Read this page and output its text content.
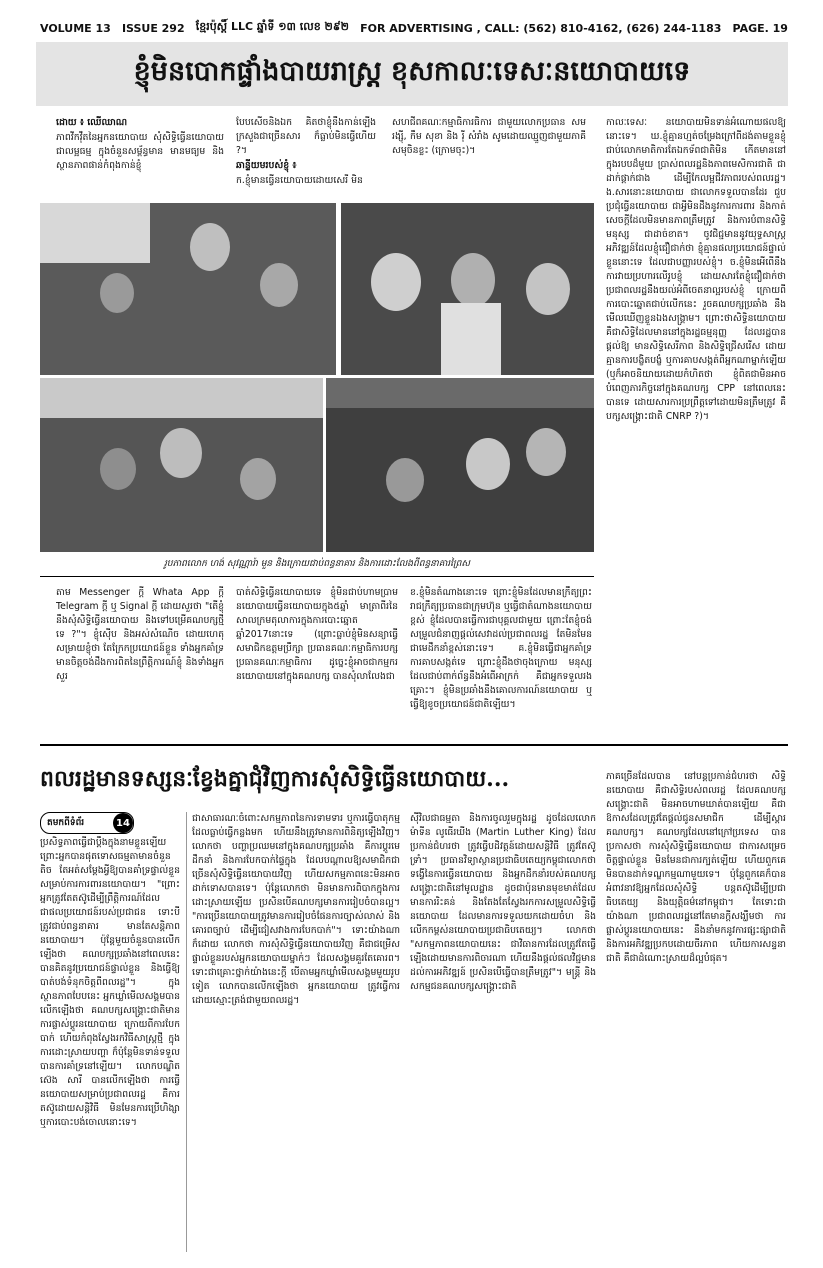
VOLUME 13 ISSUE 292 ខ្មែរប៉ុស្តិ៍ LLC ឆ្នាំទី ១៣ លេខ ២៩២ FOR ADVERTISING , CALL: (562) 810-4162, (626) 244-1183 PAGE. 19
ខ្ញុំមិនបោកផ្ទាំងបាយរាស្ត្រ ខុសកាលៈទេសៈនយោបាយទេ

ដោយ ៖ ឈើឈាណ

ភាពវីកវ៉ឹតនៃអ្នកនយោបាយ សុំសិទ្ធិធ្វើនយោបាយជាលម្អធម្ម ក្នុងចំនួនសម្ព័ន្ធមាន មានមធ្យម និងស្ថានភាពផាន់កំពុងកាន់ខ្ញុំ

បែបសើចនិងឯក គិតថាខ្ញុំនឹងកាន់ឡើងក្រសួងជាច្រើនសារ ក៏ធ្លាប់មិនធ្វើហើយ ?។

ឆាន្ទីយមរបស់ខ្ញុំ ៖

ក.ខ្ញុំមានធ្វើនយោបាយដោយសេរី មិន

សហជីពគណៈកម្មាធិការធិការ ជាមួយលោកប្រធាន សម រង្ស៊ី, កឹម សុខា និង រ៉ី សំរាំង សូមដោយឈ្មួញជាមួយភាគីសមុចិនខ្លះ (ក្រោមចុះ)។

រូបភាពលោក ហង់ សុវណ្ណារ៉ា មួន និងក្រោយជាប់ពន្ធនាគារ និងការដោះលែងពីពន្ធនាគារព្រៃស

កាលៈទេសៈ នយោបាយមិនទាន់អំណោយផលឱ្យនោះទេ។ ឃ.ខ្ញុំគ្មានហ្មត់ចម្រែងក្រៅពីដង់តាមខ្លួនខ្ញុំជាប់លោកមាតិការតែឯកទ័ពជាតិមិន កើតមាននៅក្នុងរបបដ៏មួយ ប្រាស់ពលរដ្ឋនិងភាពមេសិការជាតិ ជាដាក់ផ្តាក់ជាង ដើម្បីកែលម្អជីវភាពរបស់ពលរដ្ឋ។ ង.សារនោះនយោបាយ ជាលោកទទួលបានដែរ ជួបប្រជុំធ្វើនយោបាយ ជាអ្វីមិនដឹងនូវការការពារ និងកាត់សេចក្តីដែលមិនមានភាពត្រឹមត្រូវ និងការបំពានសិទ្ធិមនុស្ស ជាដាច់ខាត។ ចូវជិជ្ជមាននូវយុទ្ធសាស្ត្រអភិវឌ្ឍន៍ដែលខ្ញុំជឿជាក់ថា ខ្ញុំគ្មានផលប្រយោជន៍ផ្ទាល់ខ្លួននោះទេ ដែលជាបញ្ញារបស់ខ្ញុំ។ ច.ខ្ញុំមិនអើពើនឹងការវាយប្រហារលើរូបខ្ញុំ ដោយសារតែខ្ញុំជឿជាក់ថា ប្រជាពលរដ្ឋនឹងយល់អំពីចេតនាល្អរបស់ខ្ញុំ ក្រោយពីការបោះឆ្នោតជាប់លើកនេះ រួចគណបក្សប្រឆាំង នឹងមើលឃើញខ្លួនឯងសង្គ្រាម។ ព្រោះថាសិទ្ធិនយោបាយ គឺជាសិទ្ធិដែលមាននៅក្នុងរដ្ឋធម្មនុញ្ញ ដែលរដ្ឋបានផ្តល់ឱ្យ មានសិទ្ធិសេរីភាព និងសិទ្ធិជ្រើសរើស ដោយគ្មានការបង្ខិតបង្ខំ ឬការគាបសង្កត់ពីអ្នកណាម្នាក់ឡើយ (ឬក៏អាចនិយាយដោយកំហិតថា ខ្ញុំពិតជាមិនអាចបំពេញភារកិច្ចនៅក្នុងគណបក្ស CPP នៅពេលនេះបានទេ ដោយសារការប្រព្រឹត្តទៅដោយមិនត្រឹមត្រូវ គឺបក្សសង្គ្រោះជាតិ CNRP ?)។

តាម Messenger ក្តី Whata App ក្តី Telegram ក្តី ឬ Signal ក្តី ដោយសួរថា "តើខ្ញុំនឹងសុំសិទ្ធិធ្វើនយោបាយ និងទៅបម្រើគណបក្សថ្មីទេ ?"។ ខ្ញុំស៊ើប និងអស់សំណើច ដោយហេតុសម្រាយខ្ញុំថា តែក្រែកប្រយោជន៍ខ្លួន ទាំងអ្នកគាំទ្រមានចិត្តចង់ដឹងការពិតនៃព្រឹត្តិការណ៍ខ្ញុំ និងទាំងអ្នកសួរ

បាត់សិទ្ធិធ្វើនយោបាយទេ ខ្ញុំមិនជាប់ហាមប្រាមនយោបាយធ្វើនយោបាយក្នុង៥ឆ្នាំ មាត្រាពីរនៃសាលក្រមតុលាការក្នុងការបោះឆ្នោតឆ្នាំ2017នោះទេ (ព្រោះធ្លាប់ខ្ញុំមិនសន្យាធ្វើសមាជិកឧត្តមប្រឹក្សា ប្រធានគណៈកម្មាធិការបក្សប្រធានគណៈកម្មាធិការ ដូច្នេះខ្ញុំអាចជាកម្មករនយោបាយនៅក្នុងគណបក្ស បានសុំលាលែងជា

ខ.ខ្ញុំមិនតំណាងនោះទេ ព្រោះខ្ញុំមិនដែលមានក្រឹត្យព្រះរាជក្រឹត្យប្រធានជាក្រុមហ៊ុន ឬធ្វើជាតំណាងនយោបាយខ្ពស់ ខ្ញុំដែលបានធ្វើការជាបុគ្គលជាមួយ ព្រោះតែខ្ញុំចង់សម្រួលជំនាញផ្តល់សេវាដល់ប្រជាពលរដ្ឋ តែមិនមែនជាមេដឹកនាំខ្ពស់នោះទេ។ គ.ខ្ញុំមិនធ្វើជាអ្នកគាំទ្រការគាបសង្កត់ទេ ព្រោះខ្ញុំដឹងថាចុងក្រោយ មនុស្សដែលជាប់ពាក់ព័ន្ធនឹងអំពើអាក្រក់ គឺជាអ្នកទទួលរងគ្រោះ។ ខ្ញុំមិនប្រឆាំងនឹងគោលការណ៍នយោបាយ ឬធ្វើឱ្យខូចប្រយោជន៍ជាតិឡើយ។

ពលរដ្ឋមានទស្សនៈខ្វែងគ្នាជុំវិញការសុំសិទ្ធិធ្វើនយោបាយ...
តមកពីទំព័រ	14

ប្រសិទ្ធភាពធ្វើជាប្តឹងក្នុងនាមខ្លួនឡើយ ព្រោះអ្នកបានផុតទោសធម្មតាមានចំនួនតិច តែអត់សម្តែងអ្វីឱ្យបានគាំទ្រផ្ទាល់ខ្លួនសម្រាប់ការការពារនយោបាយ។ "ព្រោះអ្នកត្រូវតែតស៊ូដើម្បីព្រឹត្តិការណ៍ដែលជាផលប្រយោជន៍របស់ប្រជាជន ទោះបីត្រូវជាប់ពន្ធនាគារ មានតែសន្តិភាពនយោបាយ។ ប៉ុន្តែមួយចំនួនបានលើកឡើងថា គណបក្សប្រឆាំងនៅពេលនេះ បានគិតនូវប្រយោជន៍ផ្ទាល់ខ្លួន និងធ្វើឱ្យបាត់បង់ទំនុកចិត្តពីពលរដ្ឋ"។ ក្នុងស្ថានភាពបែបនេះ អ្នកឃ្លាំមើលសង្គមបានលើកឡើងថា គណបក្សសង្គ្រោះជាតិមានការផ្លាស់ប្តូរនយោបាយ ក្រោយពីការបែកបាក់ ហើយកំពុងស្វែងរកវិធីសាស្ត្រថ្មី ក្នុងការដោះស្រាយបញ្ហា ក៏ប៉ុន្តែមិនទាន់ទទួលបានការគាំទ្រនៅឡើយ។ លោកបណ្ឌិត ស៊េង សារី បានលើកឡើងថា ការធ្វើនយោបាយសម្រាប់ប្រជាពលរដ្ឋ គឺការតស៊ូដោយសន្តិវិធី មិនមែនការប្រើហិង្សា ឬការបោះបង់ចោលនោះទេ។

ជាសាធារណៈចំពោះសកម្មភាពនៃការទាមទារ ឬការធ្វើបាតុកម្មដែលធ្លាប់ធ្វើកន្លងមក ហើយនឹងត្រូវមានការពិនិត្យឡើងវិញ។ លោកថា បញ្ហាប្រឈមនៅក្នុងគណបក្សប្រឆាំង គឺការប្តូរមេដឹកនាំ និងការបែកបាក់ផ្ទៃក្នុង ដែលបណ្តាលឱ្យសមាជិកជាច្រើនសុំសិទ្ធិធ្វើនយោបាយវិញ ហើយសកម្មភាពនេះមិនអាចដាក់ទោសបានទេ។ ប៉ុន្តែលោកថា មិនមានការពិបាកក្នុងការដោះស្រាយឡើយ ប្រសិនបើគណបក្សមានការរៀបចំបានល្អ។ "ការប្រើនយោបាយត្រូវមានការរៀបចំផែនការច្បាស់លាស់ និងគោរពច្បាប់ ដើម្បីជៀសវាងការបែកបាក់"។ ទោះយ៉ាងណាក៏ដោយ លោកថា ការសុំសិទ្ធិធ្វើនយោបាយវិញ គឺជាជម្រើសផ្ទាល់ខ្លួនរបស់អ្នកនយោបាយម្នាក់ៗ ដែលសង្គមគួរតែគោរព។ ទោះជាគ្រោះថ្នាក់យ៉ាងនេះក្តី បើតាមអ្នកឃ្លាំមើលសង្គមមួយរូបទៀត លោកបានលើកឡើងថា អ្នកនយោបាយ ត្រូវធ្វើការដោយស្មោះត្រង់ជាមួយពលរដ្ឋ។

ស៊ីវិលជាធម្មតា និងការចូលរួមក្នុងរដ្ឋ ដូចដែលលោក ម៉ាទីន លូធើរឃីង (Martin Luther King) ដែលប្រកាន់ជំហរថា ត្រូវធ្វើបដិវត្តន៍ដោយសន្តិវិធី ត្រូវតែស៊ូទ្រាំ។ ប្រធានវិទ្យាស្ថានប្រជាធិបតេយ្យកម្ពុជាលោកថា ទង្វើនៃការធ្វើនយោបាយ និងអ្នកដឹកនាំរបស់គណបក្សសង្គ្រោះជាតិនៅមូលដ្ឋាន ដូចជាប៉ុនមានមុខមាត់ដែលមានការរិះគន់ និងតែងតែស្វែងរកការសម្រួលសិទ្ធិធ្វើនយោបាយ ដែលមានការទទួលយកដោយចំហ និងលើកកម្ពស់នយោបាយប្រជាធិបតេយ្យ។ លោកថា "សកម្មភាពនយោបាយនេះ ជាវិធានការដែលត្រូវតែធ្វើឡើងដោយមានការពិចារណា ហើយនឹងផ្តល់ផលវិជ្ជមានដល់ការអភិវឌ្ឍន៍ ប្រសិនបើធ្វើបានត្រឹមត្រូវ"។ មន្ត្រី និងសកម្មជនគណបក្សសង្គ្រោះជាតិ

ភាគច្រើនដែលបាន នៅបន្តប្រកាន់ជំហរថា សិទ្ធិនយោបាយ គឺជាសិទ្ធិរបស់ពលរដ្ឋ ដែលគណបក្សសង្គ្រោះជាតិ មិនអាចហាមឃាត់បានឡើយ គឺជាឱកាសដែលត្រូវតែផ្តល់ជូនសមាជិក ដើម្បីស្តារគណបក្ស។ គណបក្សដែលនៅក្រៅប្រទេស បានប្រកាសថា ការសុំសិទ្ធិធ្វើនយោបាយ ជាការសម្រេចចិត្តផ្ទាល់ខ្លួន មិនមែនជាការក្បត់ឡើយ ហើយពួកគេមិនបានដាក់ទណ្ឌកម្មណាមួយទេ។ ប៉ុន្តែពួកគេក៏បានអំពាវនាវឱ្យអ្នកដែលសុំសិទ្ធិ បន្តតស៊ូដើម្បីប្រជាធិបតេយ្យ និងយុត្តិធម៌នៅកម្ពុជា។ តែទោះជាយ៉ាងណា ប្រជាពលរដ្ឋនៅតែមានក្តីសង្ឃឹមថា ការផ្លាស់ប្តូរនយោបាយនេះ នឹងនាំមកនូវការផ្សះផ្សាជាតិ និងការអភិវឌ្ឍប្រកបដោយចីរភាព ហើយការសន្ទនាជាតិ គឺជាដំណោះស្រាយដ៏ល្អបំផុត។
